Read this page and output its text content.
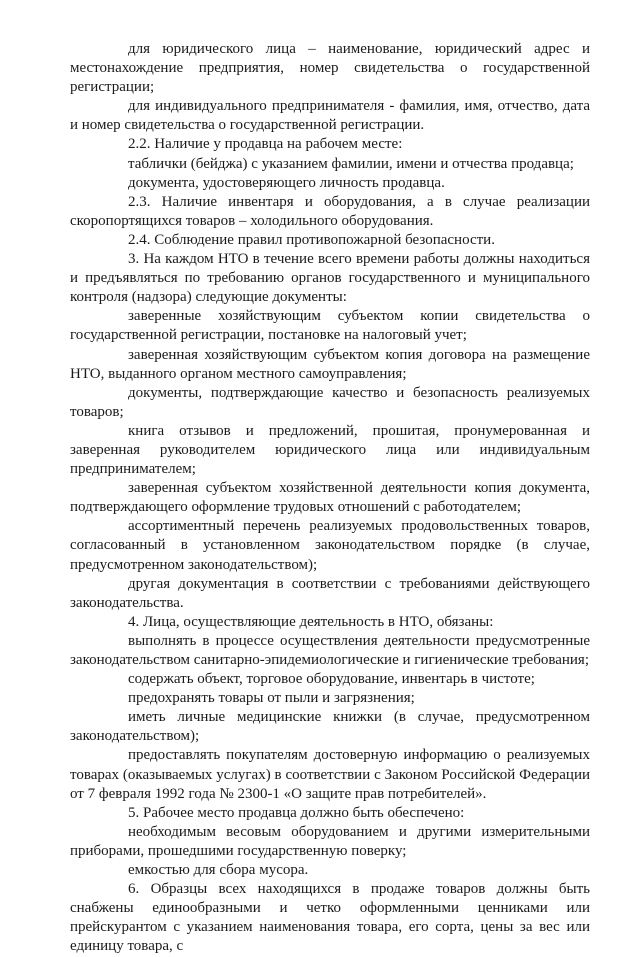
для юридического лица – наименование, юридический адрес и местонахождение предприятия, номер свидетельства о государственной регистрации;

для индивидуального предпринимателя - фамилия, имя, отчество, дата и номер свидетельства о государственной регистрации.

2.2. Наличие у продавца на рабочем месте:

таблички (бейджа) с указанием фамилии, имени и отчества продавца;

документа, удостоверяющего личность продавца.

2.3. Наличие инвентаря и оборудования, а в случае реализации скоропортящихся товаров – холодильного оборудования.

2.4. Соблюдение правил противопожарной безопасности.

3. На каждом НТО в течение всего времени работы должны находиться и предъявляться по требованию органов государственного и муниципального контроля (надзора) следующие документы:

заверенные хозяйствующим субъектом копии свидетельства о государственной регистрации, постановке на налоговый учет;

заверенная хозяйствующим субъектом копия договора на размещение НТО, выданного органом местного самоуправления;

документы, подтверждающие качество и безопасность реализуемых товаров;

книга отзывов и предложений, прошитая, пронумерованная и заверенная руководителем юридического лица или индивидуальным предпринимателем;

заверенная субъектом хозяйственной деятельности копия документа, подтверждающего оформление трудовых отношений с работодателем;

ассортиментный перечень реализуемых продовольственных товаров, согласованный в установленном законодательством порядке (в случае, предусмотренном законодательством);

другая документация в соответствии с требованиями действующего законодательства.

4. Лица, осуществляющие деятельность в НТО, обязаны:

выполнять в процессе осуществления деятельности предусмотренные законодательством санитарно-эпидемиологические и гигиенические требования;

содержать объект, торговое оборудование, инвентарь в чистоте;

предохранять товары от пыли и загрязнения;

иметь личные медицинские книжки (в случае, предусмотренном законодательством);

предоставлять покупателям достоверную информацию о реализуемых товарах (оказываемых услугах) в соответствии с Законом Российской Федерации от 7 февраля 1992 года № 2300-1 «О защите прав потребителей».

5. Рабочее место продавца должно быть обеспечено:

необходимым весовым оборудованием и другими измерительными приборами, прошедшими государственную поверку;

емкостью для сбора мусора.

6. Образцы всех находящихся в продаже товаров должны быть снабжены единообразными и четко оформленными ценниками или прейскурантом с указанием наименования товара, его сорта, цены за вес или единицу товара, с
